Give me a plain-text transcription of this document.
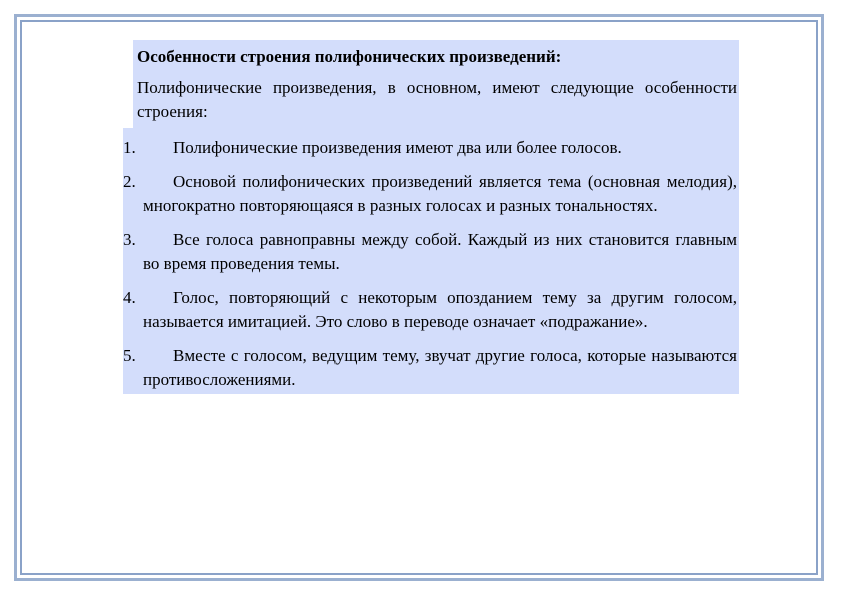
Особенности строения полифонических произведений:

Полифонические произведения, в основном, имеют следующие особенности строения:

1.	Полифонические произведения имеют два или более голосов.
2.	Основой полифонических произведений является тема (основная мелодия), многократно повторяющаяся в разных голосах и разных тональностях.
3.	Все голоса равноправны между собой. Каждый из них становится главным во время проведения темы.
4.	Голос, повторяющий с некоторым опозданием тему за другим голосом, называется имитацией. Это слово в переводе означает «подражание».
5.	Вместе с голосом, ведущим тему, звучат другие голоса, которые называются противосложениями.
